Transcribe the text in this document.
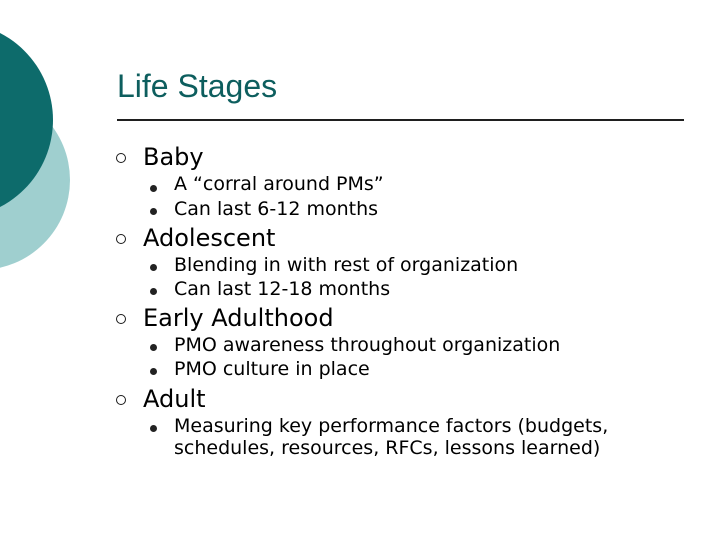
Life Stages
Baby
A “corral around PMs”
Can last 6-12 months
Adolescent
Blending in with rest of organization
Can last 12-18 months
Early Adulthood
PMO awareness throughout organization
PMO culture in place
Adult
Measuring key performance factors (budgets,
schedules, resources, RFCs, lessons learned)
